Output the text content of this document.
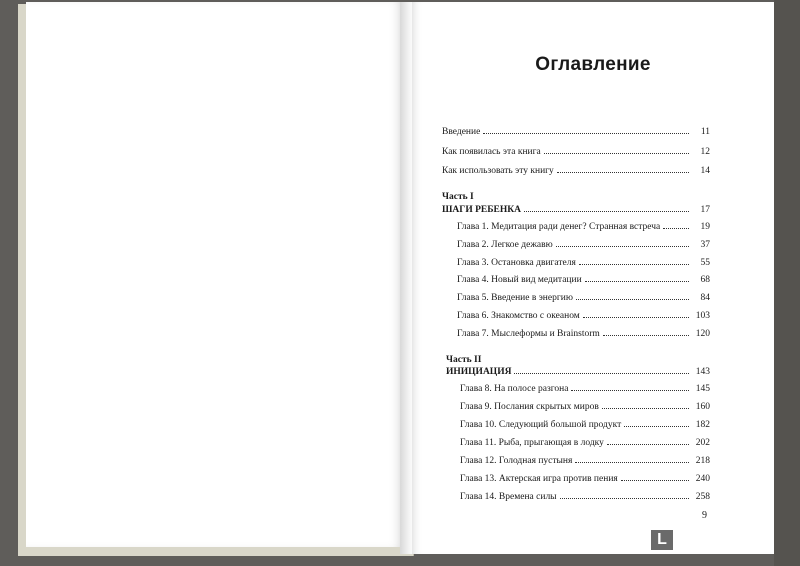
Оглавление
Введение	11
Как появилась эта книга	12
Как использовать эту книгу	14
Часть I
ШАГИ РЕБЕНКА	17
Глава 1. Медитация ради денег? Странная встреча	19
Глава 2. Легкое дежавю	37
Глава 3. Остановка двигателя	55
Глава 4. Новый вид медитации	68
Глава 5. Введение в энергию	84
Глава 6. Знакомство с океаном	103
Глава 7. Мыслеформы и Brainstorm	120
Часть II
ИНИЦИАЦИЯ	143
Глава 8. На полосе разгона	145
Глава 9. Послания скрытых миров	160
Глава 10. Следующий большой продукт	182
Глава 11. Рыба, прыгающая в лодку	202
Глава 12. Голодная пустыня	218
Глава 13. Актерская игра против пения	240
Глава 14. Времена силы	258
9
L
